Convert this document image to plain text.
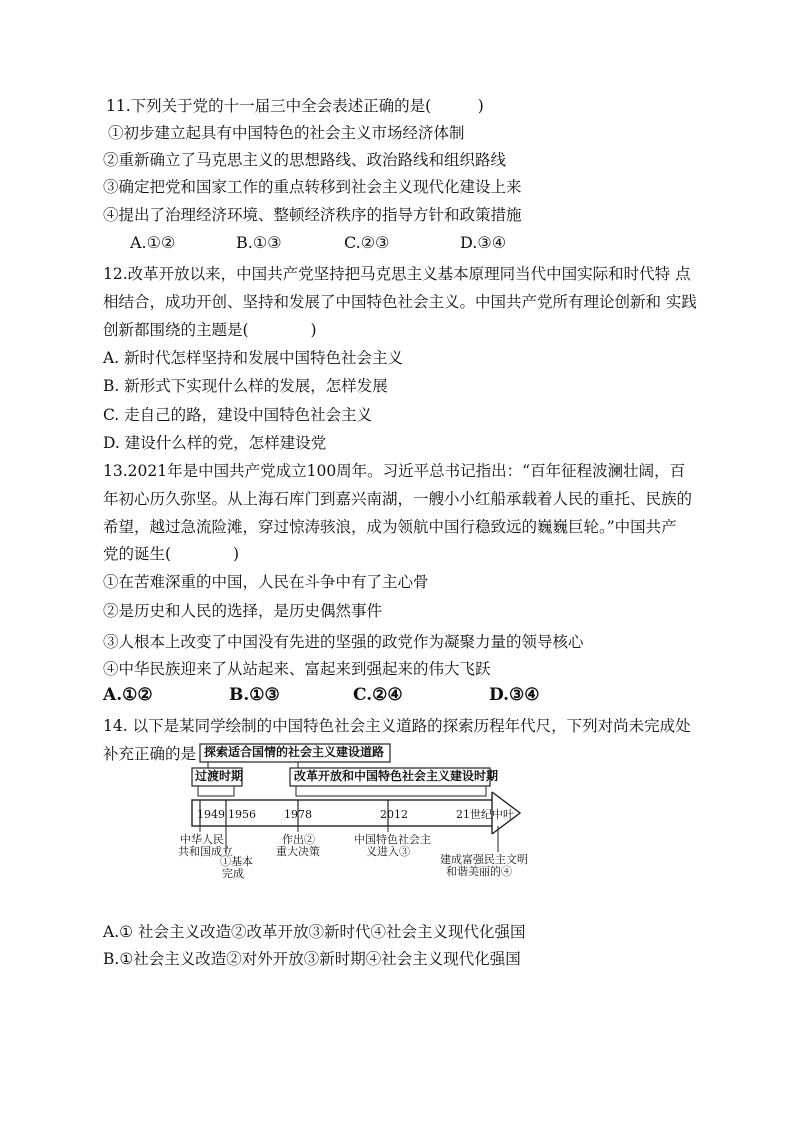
11.下列关于党的十一届三中全会表述正确的是(　　　)
①初步建立起具有中国特色的社会主义市场经济体制
②重新确立了马克思主义的思想路线、政治路线和组织路线
③确定把党和国家工作的重点转移到社会主义现代化建设上来
④提出了治理经济环境、整顿经济秩序的指导方针和政策措施
A.①②	B.①③	C.②③	D.③④
12.改革开放以来，中国共产党坚持把马克思主义基本原理同当代中国实际和时代特 点
相结合，成功开创、坚持和发展了中国特色社会主义。中国共产党所有理论创新和 实践
创新都围绕的主题是(　　　　)
A. 新时代怎样坚持和发展中国特色社会主义
B. 新形式下实现什么样的发展，怎样发展
C. 走自己的路，建设中国特色社会主义
D. 建设什么样的党，怎样建设党
13.2021年是中国共产党成立100周年。习近平总书记指出：“百年征程波澜壮阔，百
年初心历久弥坚。从上海石库门到嘉兴南湖，一艘小小红船承载着人民的重托、民族的
希望，越过急流险滩，穿过惊涛骇浪，成为领航中国行稳致远的巍巍巨轮。”中国共产
党的诞生(　　　　)
①在苦难深重的中国，人民在斗争中有了主心骨
②是历史和人民的选择，是历史偶然事件
③人根本上改变了中国没有先进的坚强的政党作为凝聚力量的领导核心
④中华民族迎来了从站起来、富起来到强起来的伟大飞跃
A.①②	B.①③	C.②④	D.③④
14. 以下是某同学绘制的中国特色社会主义道路的探索历程年代尺，下列对尚未完成处
补充正确的是 探索适合国情的社会主义建设道路
过渡时期	改革开放和中国特色社会主义建设时期
1949 1956	1978	2012	21世纪中叶
中华人民
共和国成立
①基本
完成
作出②
重大决策
中国特色社会主
义进入③
建成富强民主文明
和谐美丽的④
A.① 社会主义改造②改革开放③新时代④社会主义现代化强国
B.①社会主义改造②对外开放③新时期④社会主义现代化强国
